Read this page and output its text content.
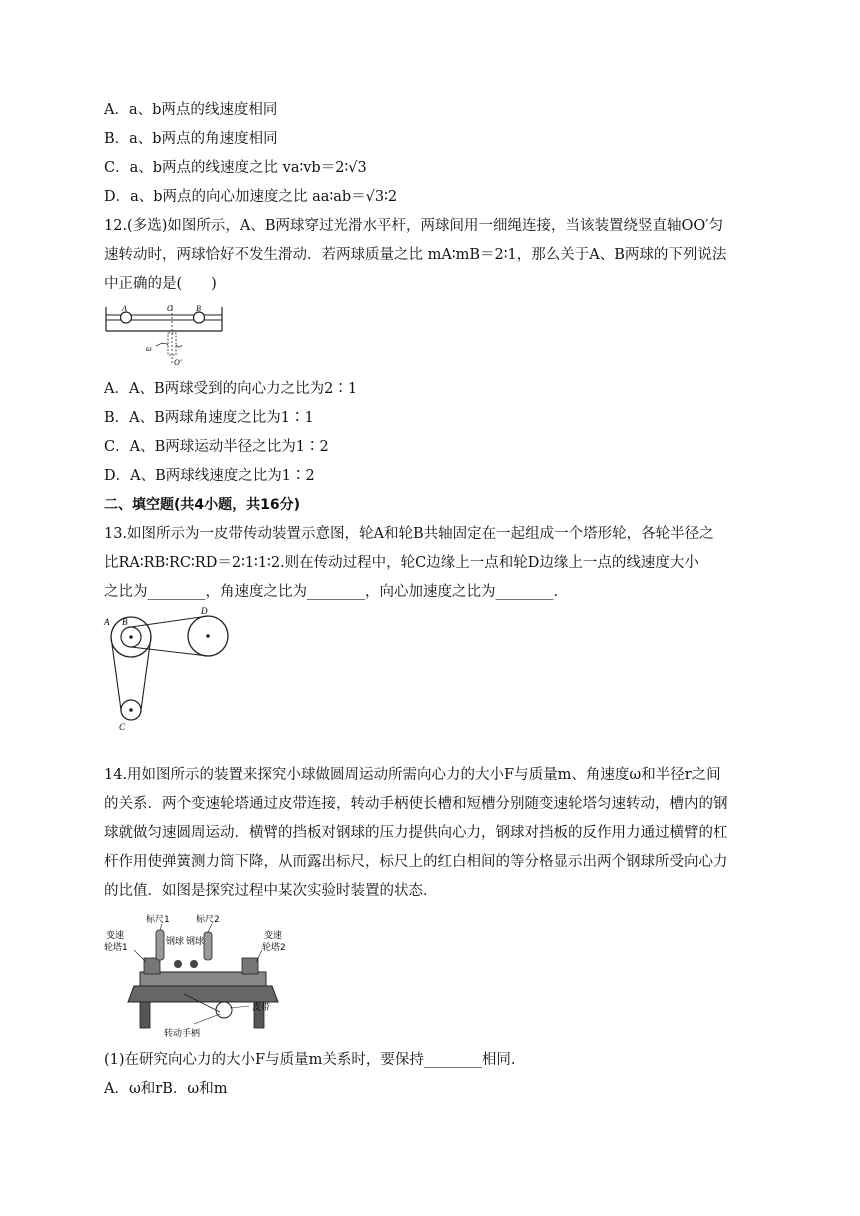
A．a、b两点的线速度相同
B．a、b两点的角速度相同
C．a、b两点的线速度之比 va∶vb＝2∶√3
D．a、b两点的向心加速度之比 aa∶ab＝√3∶2
12.(多选)如图所示，A、B两球穿过光滑水平杆，两球间用一细绳连接，当该装置绕竖直轴OO′匀
速转动时，两球恰好不发生滑动．若两球质量之比 mA∶mB＝2∶1，那么关于A、B两球的下列说法
中正确的是(　　)
A	O	B
ω
O′
A．A、B两球受到的向心力之比为2∶1
B．A、B两球角速度之比为1∶1
C．A、B两球运动半径之比为1∶2
D．A、B两球线速度之比为1∶2
二、填空题(共4小题，共16分)
13.如图所示为一皮带传动装置示意图，轮A和轮B共轴固定在一起组成一个塔形轮，各轮半径之
比RA∶RB∶RC∶RD＝2∶1∶1∶2.则在传动过程中，轮C边缘上一点和轮D边缘上一点的线速度大小
之比为________，角速度之比为________，向心加速度之比为________.
A B
D
C
14.用如图所示的装置来探究小球做圆周运动所需向心力的大小F与质量m、角速度ω和半径r之间
的关系．两个变速轮塔通过皮带连接，转动手柄使长槽和短槽分别随变速轮塔匀速转动，槽内的钢
球就做匀速圆周运动．横臂的挡板对钢球的压力提供向心力，钢球对挡板的反作用力通过横臂的杠
杆作用使弹簧测力筒下降，从而露出标尺，标尺上的红白相间的等分格显示出两个钢球所受向心力
的比值．如图是探究过程中某次实验时装置的状态．
标尺1	标尺2
钢球 钢球
变速
轮塔1
变速
轮塔2
皮带
转动手柄
(1)在研究向心力的大小F与质量m关系时，要保持________相同.
A．ω和rB．ω和m
